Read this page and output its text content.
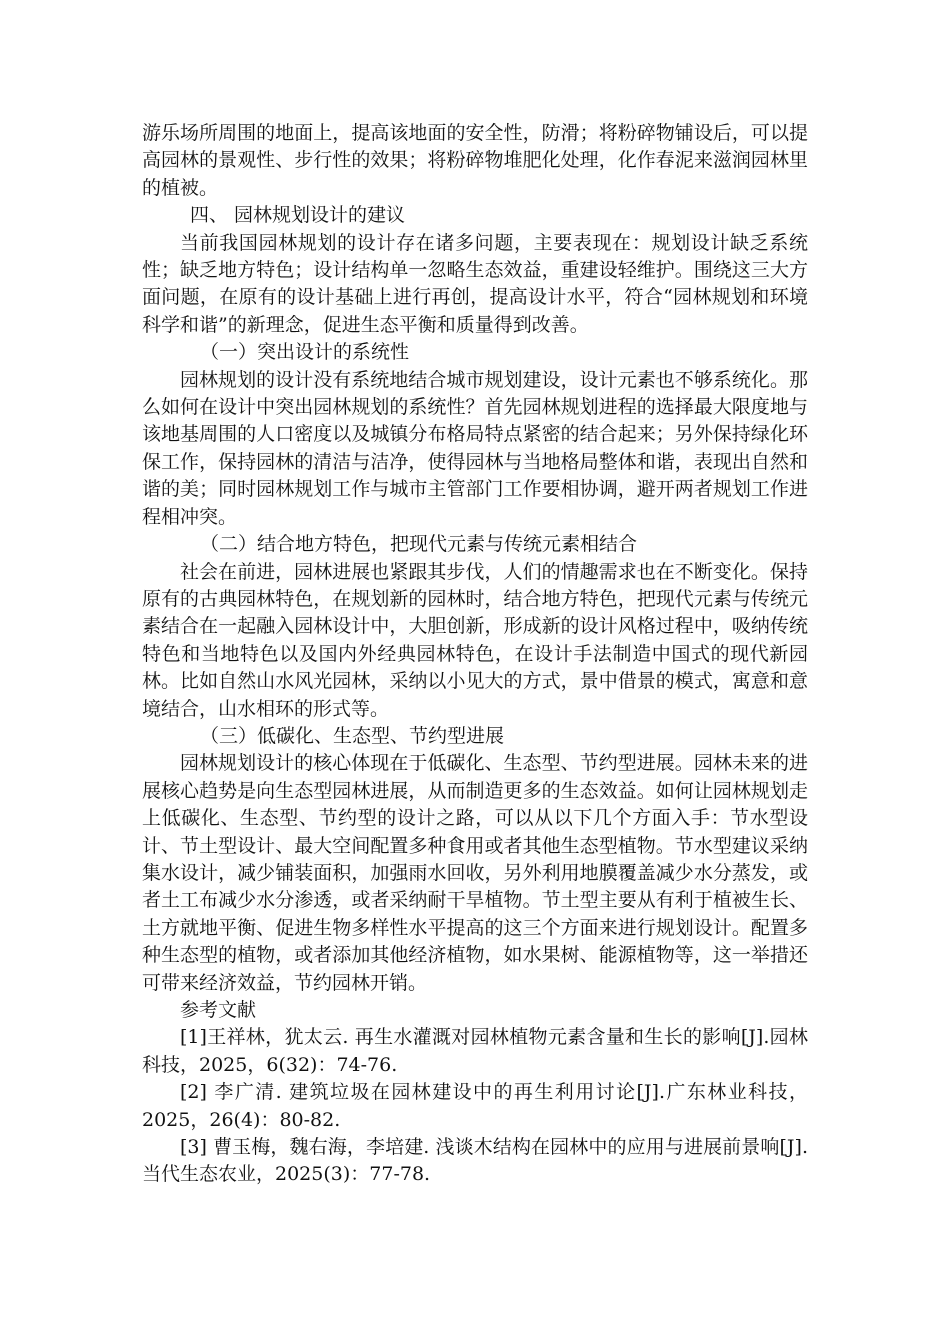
游乐场所周围的地面上，提高该地面的安全性，防滑；将粉碎物铺设后，可以提高园林的景观性、步行性的效果；将粉碎物堆肥化处理，化作春泥来滋润园林里的植被。

四、 园林规划设计的建议

当前我国园林规划的设计存在诸多问题，主要表现在：规划设计缺乏系统性；缺乏地方特色；设计结构单一忽略生态效益，重建设轻维护。围绕这三大方面问题，在原有的设计基础上进行再创，提高设计水平，符合“园林规划和环境科学和谐”的新理念，促进生态平衡和质量得到改善。

（一）突出设计的系统性

园林规划的设计没有系统地结合城市规划建设，设计元素也不够系统化。那么如何在设计中突出园林规划的系统性？首先园林规划进程的选择最大限度地与该地基周围的人口密度以及城镇分布格局特点紧密的结合起来；另外保持绿化环保工作，保持园林的清洁与洁净，使得园林与当地格局整体和谐，表现出自然和谐的美；同时园林规划工作与城市主管部门工作要相协调，避开两者规划工作进程相冲突。

（二）结合地方特色，把现代元素与传统元素相结合

社会在前进，园林进展也紧跟其步伐，人们的情趣需求也在不断变化。保持原有的古典园林特色，在规划新的园林时，结合地方特色，把现代元素与传统元素结合在一起融入园林设计中，大胆创新，形成新的设计风格过程中，吸纳传统特色和当地特色以及国内外经典园林特色，在设计手法制造中国式的现代新园林。比如自然山水风光园林，采纳以小见大的方式，景中借景的模式，寓意和意境结合，山水相环的形式等。

（三）低碳化、生态型、节约型进展

园林规划设计的核心体现在于低碳化、生态型、节约型进展。园林未来的进展核心趋势是向生态型园林进展，从而制造更多的生态效益。如何让园林规划走上低碳化、生态型、节约型的设计之路，可以从以下几个方面入手：节水型设计、节土型设计、最大空间配置多种食用或者其他生态型植物。节水型建议采纳集水设计，减少铺装面积，加强雨水回收，另外利用地膜覆盖减少水分蒸发，或者土工布减少水分渗透，或者采纳耐干旱植物。节土型主要从有利于植被生长、土方就地平衡、促进生物多样性水平提高的这三个方面来进行规划设计。配置多种生态型的植物，或者添加其他经济植物，如水果树、能源植物等，这一举措还可带来经济效益，节约园林开销。

参考文献

[1]王祥林，犹太云. 再生水灌溉对园林植物元素含量和生长的影响[J].园林科技，2025，6(32)：74-76.

[2] 李广清. 建筑垃圾在园林建设中的再生利用讨论[J].广东林业科技，2025，26(4)：80-82.

[3] 曹玉梅，魏右海，李培建. 浅谈木结构在园林中的应用与进展前景响[J].当代生态农业，2025(3)：77-78.
